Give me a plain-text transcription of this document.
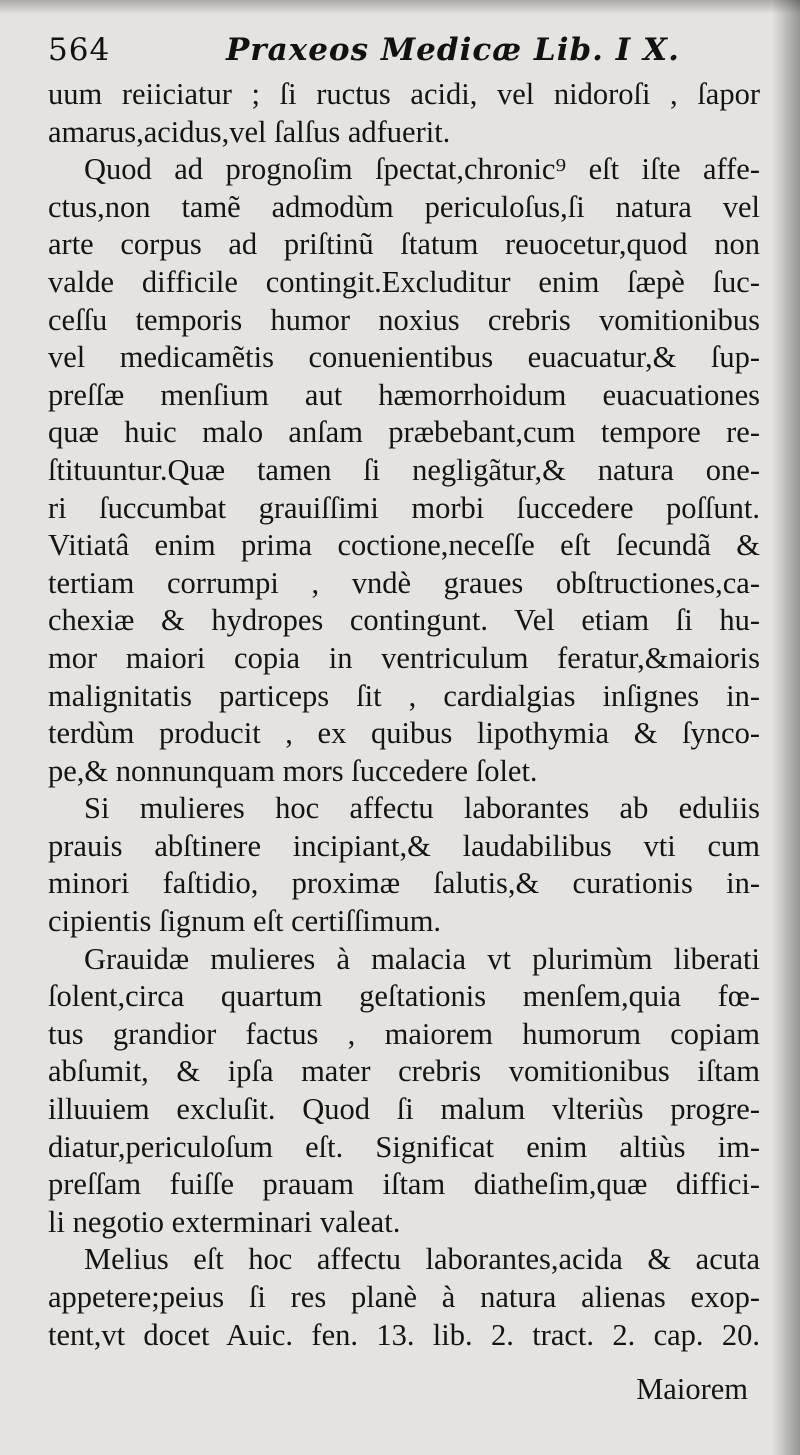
564	Praxeos Medicæ Lib. I X.
uum reiiciatur ; ſi ructus acidi, vel nidoroſi , ſapor
amarus,acidus,vel ſalſus adfuerit.
Quod ad prognoſim ſpectat,chronic⁹ eſt iſte affe-
ctus,non tamẽ admodùm periculoſus,ſi natura vel
arte corpus ad priſtinũ ſtatum reuocetur,quod non
valde difficile contingit.Excluditur enim ſæpè ſuc-
ceſſu temporis humor noxius crebris vomitionibus
vel medicamẽtis conuenientibus euacuatur,& ſup-
preſſæ menſium aut hæmorrhoidum euacuationes
quæ huic malo anſam præbebant,cum tempore re-
ſtituuntur.Quæ tamen ſi negligãtur,& natura one-
ri ſuccumbat grauiſſimi morbi ſuccedere poſſunt.
Vitiatâ enim prima coctione,neceſſe eſt ſecundã &
tertiam corrumpi , vndè graues obſtructiones,ca-
chexiæ & hydropes contingunt. Vel etiam ſi hu-
mor maiori copia in ventriculum feratur,&maioris
malignitatis particeps ſit , cardialgias inſignes in-
terdùm producit , ex quibus lipothymia & ſynco-
pe,& nonnunquam mors ſuccedere ſolet.
Si mulieres hoc affectu laborantes ab eduliis
prauis abſtinere incipiant,& laudabilibus vti cum
minori faſtidio, proximæ ſalutis,& curationis in-
cipientis ſignum eſt certiſſimum.
Grauidæ mulieres à malacia vt plurimùm liberati
ſolent,circa quartum geſtationis menſem,quia fœ-
tus grandior factus , maiorem humorum copiam
abſumit, & ipſa mater crebris vomitionibus iſtam
illuuiem excluſit. Quod ſi malum vlteriùs progre-
diatur,periculoſum eſt. Significat enim altiùs im-
preſſam fuiſſe prauam iſtam diatheſim,quæ diffici-
li negotio exterminari valeat.
Melius eſt hoc affectu laborantes,acida & acuta
appetere;peius ſi res planè à natura alienas exop-
tent,vt docet Auic. fen. 13. lib. 2. tract. 2. cap. 20.
Maiorem
